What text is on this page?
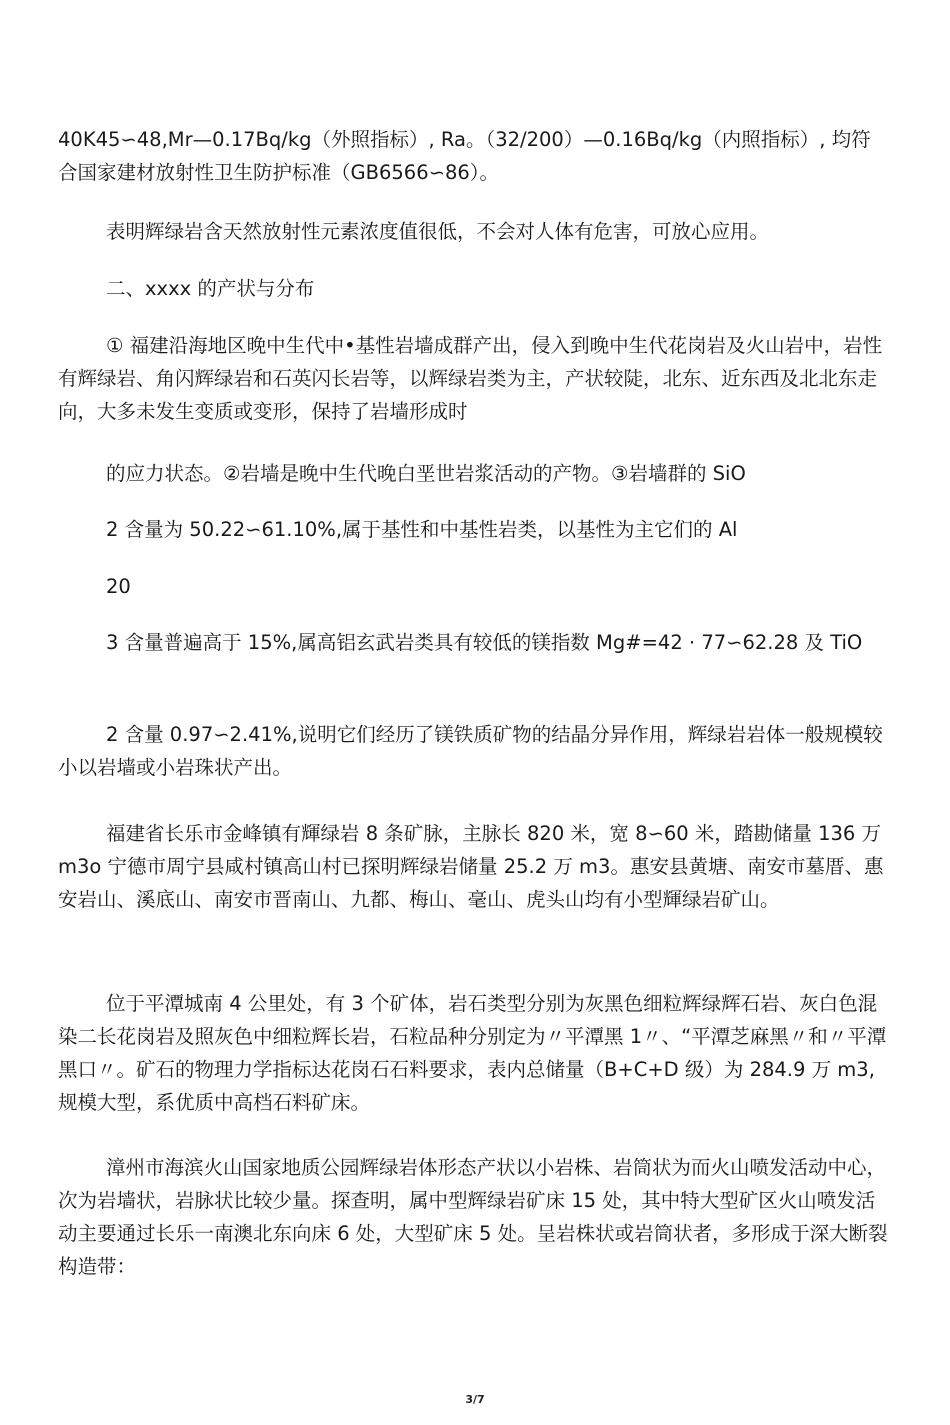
40K45∽48,Mr—0.17Bq/kg（外照指标）, Ra。（32/200）—0.16Bq/kg（内照指标）, 均符合国家建材放射性卫生防护标准（GB6566∽86）。

表明辉绿岩含天然放射性元素浓度值很低，不会对人体有危害，可放心应用。

二、xxxx 的产状与分布

① 福建沿海地区晚中生代中•基性岩墙成群产出，侵入到晚中生代花岗岩及火山岩中，岩性有辉绿岩、角闪辉绿岩和石英闪长岩等，以辉绿岩类为主，产状较陡，北东、近东西及北北东走向，大多未发生变质或变形，保持了岩墙形成时

的应力状态。②岩墙是晚中生代晚白垩世岩浆活动的产物。③岩墙群的 SiO

2 含量为 50.22∽61.10%,属于基性和中基性岩类，以基性为主它们的 Al

20

3 含量普遍高于 15%,属高铝玄武岩类具有较低的镁指数 Mg#=42 · 77∽62.28 及 TiO

2 含量 0.97∽2.41%,说明它们经历了镁铁质矿物的结晶分异作用，辉绿岩岩体一般规模较小以岩墙或小岩珠状产出。

福建省长乐市金峰镇有輝绿岩 8 条矿脉，主脉长 820 米，宽 8∽60 米，踏勘储量 136 万 m3o 宁德市周宁县咸村镇高山村已探明辉绿岩储量 25.2 万 m3。惠安县黄塘、南安市墓厝、惠安岩山、溪底山、南安市晋南山、九都、梅山、毫山、虎头山均有小型輝绿岩矿山。

位于平潭城南 4 公里处，有 3 个矿体，岩石类型分别为灰黑色细粒辉绿辉石岩、灰白色混染二长花岗岩及照灰色中细粒辉长岩，石粒品种分别定为〃平潭黑 1〃、“平潭芝麻黑〃和〃平潭黑口〃。矿石的物理力学指标达花岗石石料要求，表内总储量（B+C+D 级）为 284.9 万 m3,规模大型，系优质中高档石料矿床。

漳州市海滨火山国家地质公园辉绿岩体形态产状以小岩株、岩筒状为而火山喷发活动中心，次为岩墙状，岩脉状比较少量。探查明，属中型辉绿岩矿床 15 处，其中特大型矿区火山喷发活动主要通过长乐一南澳北东向床 6 处，大型矿床 5 处。呈岩株状或岩筒状者，多形成于深大断裂构造带：

3/7
